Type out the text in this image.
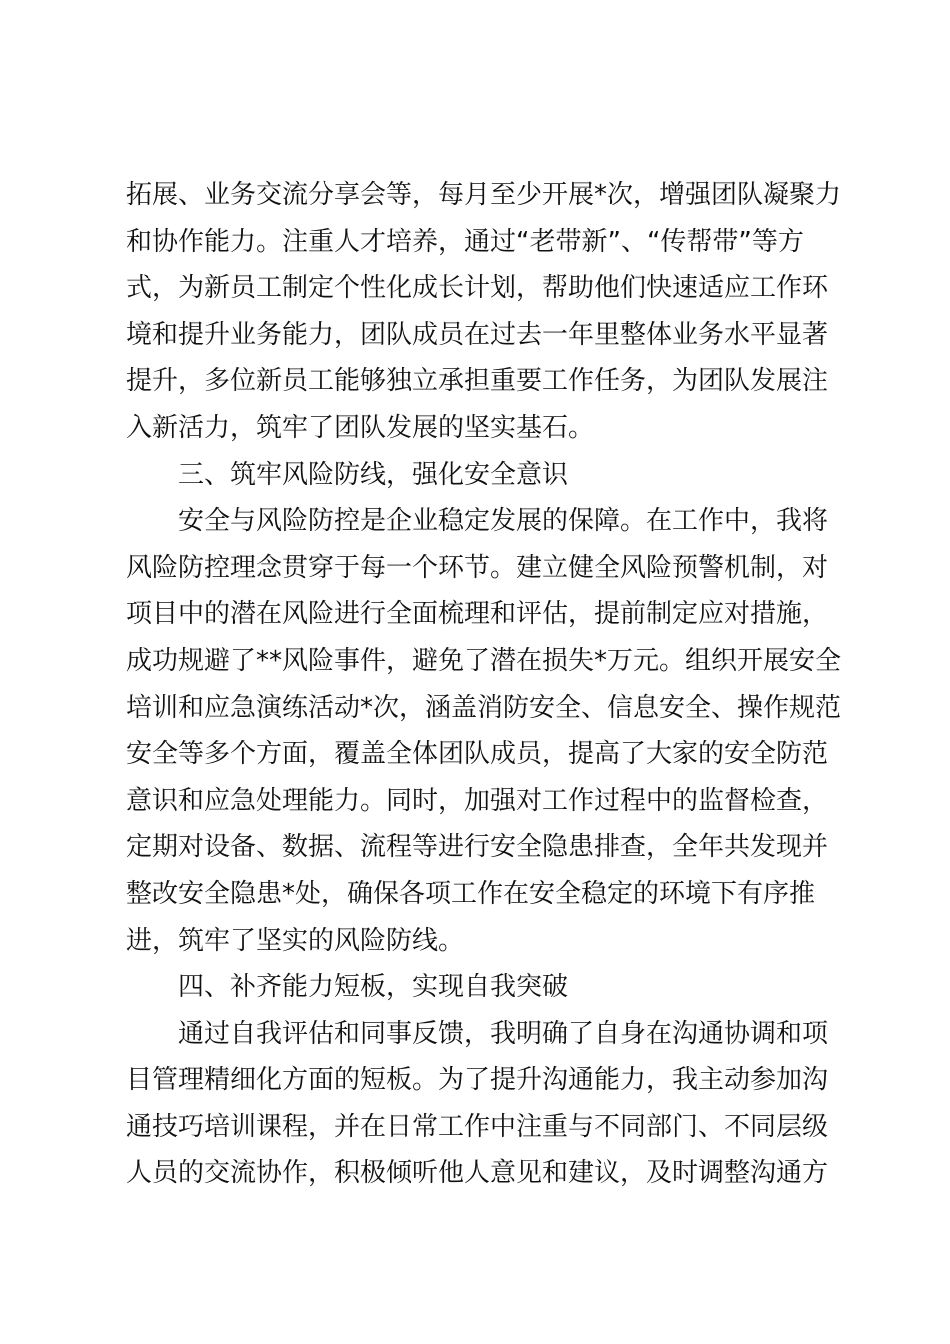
拓展、业务交流分享会等，每月至少开展*次，增强团队凝聚力
和协作能力。注重人才培养，通过“老带新”、“传帮带”等方
式，为新员工制定个性化成长计划，帮助他们快速适应工作环
境和提升业务能力，团队成员在过去一年里整体业务水平显著
提升，多位新员工能够独立承担重要工作任务，为团队发展注
入新活力，筑牢了团队发展的坚实基石。
三、筑牢风险防线，强化安全意识
安全与风险防控是企业稳定发展的保障。在工作中，我将
风险防控理念贯穿于每一个环节。建立健全风险预警机制，对
项目中的潜在风险进行全面梳理和评估，提前制定应对措施，
成功规避了**风险事件，避免了潜在损失*万元。组织开展安全
培训和应急演练活动*次，涵盖消防安全、信息安全、操作规范
安全等多个方面，覆盖全体团队成员，提高了大家的安全防范
意识和应急处理能力。同时，加强对工作过程中的监督检查，
定期对设备、数据、流程等进行安全隐患排查，全年共发现并
整改安全隐患*处，确保各项工作在安全稳定的环境下有序推
进，筑牢了坚实的风险防线。
四、补齐能力短板，实现自我突破
通过自我评估和同事反馈，我明确了自身在沟通协调和项
目管理精细化方面的短板。为了提升沟通能力，我主动参加沟
通技巧培训课程，并在日常工作中注重与不同部门、不同层级
人员的交流协作，积极倾听他人意见和建议，及时调整沟通方
